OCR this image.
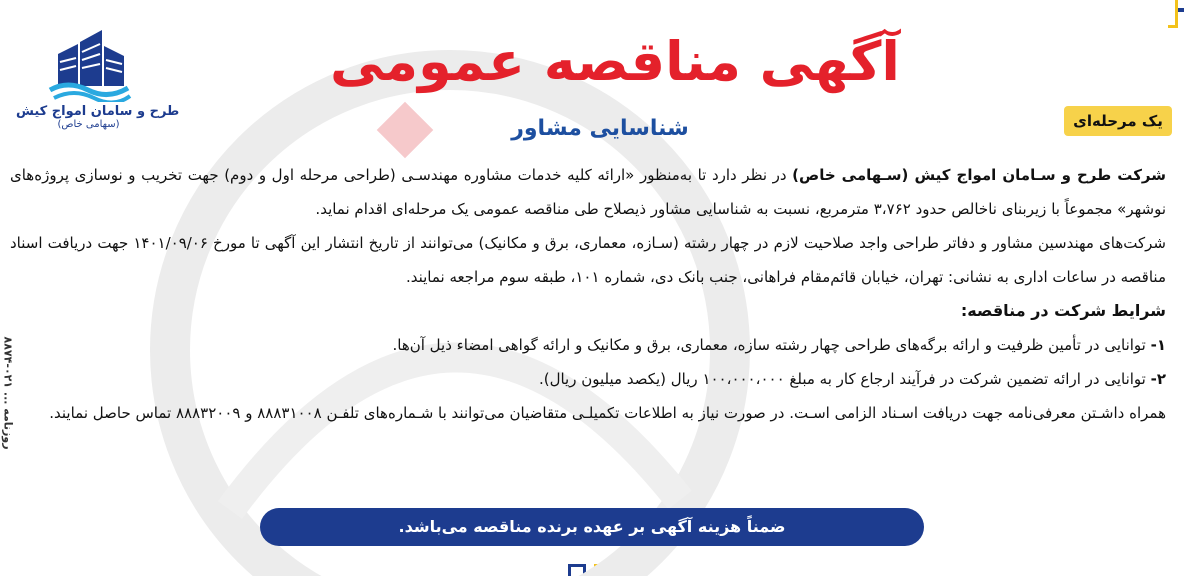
روزنامه ... ۰۲۱-۸۸۷۴
طرح و سامان امواج کیش
(سهامی خاص)
آگهی مناقصه عمومی
شناسایی مشاور	یک مرحله‌ای

شرکت طرح و سـامان امواج کیش (سـهامی خاص) در نظر دارد تا به‌منظور «ارائه کلیه خدمات مشاوره مهندسـی (طراحی مرحله اول و دوم) جهت تخریب و نوسازی پروژه‌های نوشهر» مجموعاً با زیربنای ناخالص حدود ۳،۷۶۲ مترمربع، نسبت به شناسایی مشاور ذیصلاح طی مناقصه عمومی یک مرحله‌ای اقدام نماید.

شرکت‌های مهندسین مشاور و دفاتر طراحی واجد صلاحیت لازم در چهار رشته (سـازه، معماری، برق و مکانیک) می‌توانند از تاریخ انتشار این آگهی تا مورخ ۱۴۰۱/۰۹/۰۶ جهت دریافت اسناد مناقصه در ساعات اداری به نشانی: تهران، خیابان قائم‌مقام فراهانی، جنب بانک دی، شماره ۱۰۱، طبقه سوم مراجعه نمایند.

شرایط شرکت در مناقصه:

۱- توانایی در تأمین ظرفیت و ارائه برگه‌های طراحی چهار رشته سازه، معماری، برق و مکانیک و ارائه گواهی امضاء ذیل آن‌ها.

۲- توانایی در ارائه تضمین شرکت در فرآیند ارجاع کار به مبلغ ۱۰۰،۰۰۰،۰۰۰ ریال (یکصد میلیون ریال).

همراه داشـتن معرفی‌نامه جهت دریافت اسـناد الزامی اسـت. در صورت نیاز به اطلاعات تکمیلـی متقاضیان می‌توانند با شـماره‌های تلفـن ۸۸۸۳۱۰۰۸ و ۸۸۸۳۲۰۰۹ تماس حاصل نمایند.

ضمناً هزینه آگهی بر عهده برنده مناقصه می‌باشد.
